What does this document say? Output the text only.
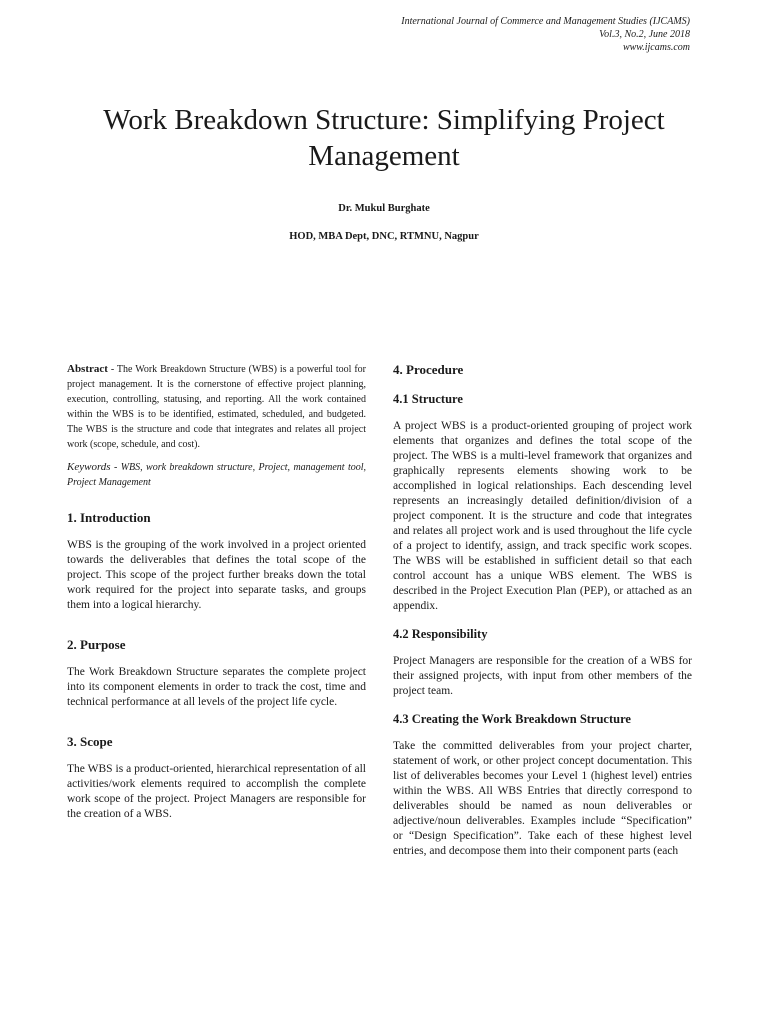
International Journal of Commerce and Management Studies (IJCAMS)
Vol.3, No.2, June 2018
www.ijcams.com
Work Breakdown Structure: Simplifying Project Management
Dr. Mukul Burghate
HOD, MBA Dept, DNC, RTMNU, Nagpur

Abstract - The Work Breakdown Structure (WBS) is a powerful tool for project management. It is the cornerstone of effective project planning, execution, controlling, statusing, and reporting. All the work contained within the WBS is to be identified, estimated, scheduled, and budgeted. The WBS is the structure and code that integrates and relates all project work (scope, schedule, and cost).

Keywords - WBS, work breakdown structure, Project, management tool, Project Management

1. Introduction

WBS is the grouping of the work involved in a project oriented towards the deliverables that defines the total scope of the project. This scope of the project further breaks down the total work required for the project into separate tasks, and groups them into a logical hierarchy.

2. Purpose

The Work Breakdown Structure separates the complete project into its component elements in order to track the cost, time and technical performance at all levels of the project life cycle.

3. Scope

The WBS is a product-oriented, hierarchical representation of all activities/work elements required to accomplish the complete work scope of the project. Project Managers are responsible for the creation of a WBS.

4. Procedure
4.1 Structure

A project WBS is a product-oriented grouping of project work elements that organizes and defines the total scope of the project. The WBS is a multi-level framework that organizes and graphically represents elements showing work to be accomplished in logical relationships. Each descending level represents an increasingly detailed definition/division of a project component. It is the structure and code that integrates and relates all project work and is used throughout the life cycle of a project to identify, assign, and track specific work scopes. The WBS will be established in sufficient detail so that each control account has a unique WBS element. The WBS is described in the Project Execution Plan (PEP), or attached as an appendix.

4.2 Responsibility

Project Managers are responsible for the creation of a WBS for their assigned projects, with input from other members of the project team.

4.3 Creating the Work Breakdown Structure

Take the committed deliverables from your project charter, statement of work, or other project concept documentation. This list of deliverables becomes your Level 1 (highest level) entries within the WBS. All WBS Entries that directly correspond to deliverables should be named as noun deliverables or adjective/noun deliverables. Examples include “Specification” or “Design Specification”. Take each of these highest level entries, and decompose them into their component parts (each
